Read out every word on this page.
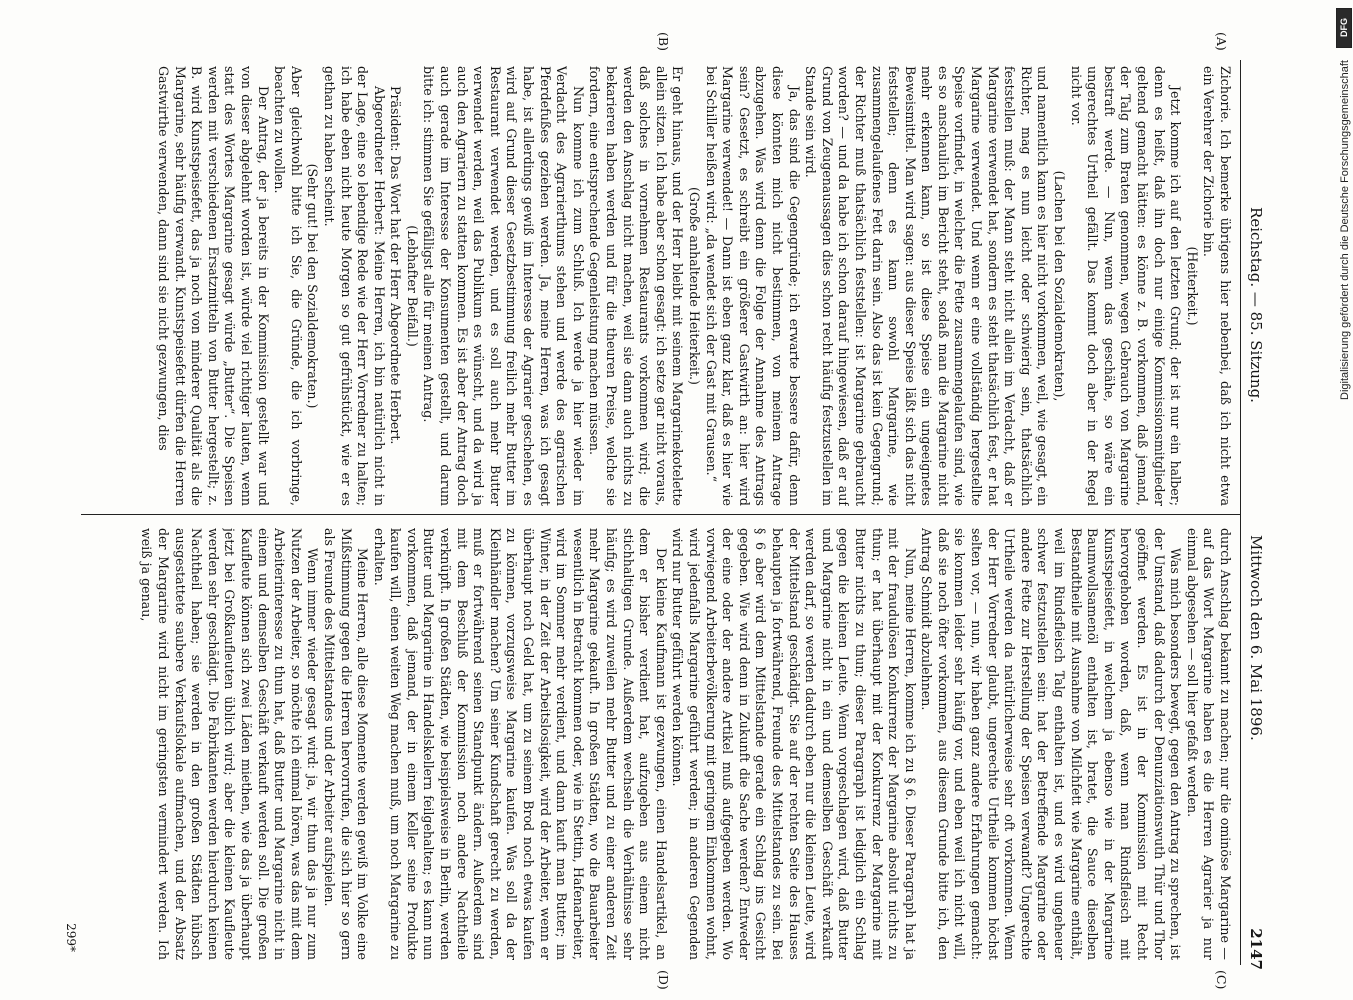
Reichstag. — 85. Sitzung.
Mittwoch den 6. Mai 1896.
2147
(A)
(B)
(C)
(D)

Zichorie. Ich bemerke übrigens hier nebenbei, daß ich nicht etwa ein Verehrer der Zichorie bin.

(Heiterkeit.)

Jetzt komme ich auf den letzten Grund; der ist nur ein halber; denn es heißt, daß ihn doch nur einige Kommissionsmitglieder geltend gemacht hätten: es könne z. B. vorkommen, daß jemand, der Talg zum Braten genommen, wegen Gebrauch von Margarine bestraft werde. — Nun, wenn das geschähe, so wäre ein ungerechtes Urtheil gefällt. Das kommt doch aber in der Regel nicht vor.

(Lachen bei den Sozialdemokraten),

und namentlich kann es hier nicht vorkommen, weil, wie gesagt, ein Richter, mag es nun leicht oder schwierig sein, thatsächlich feststellen muß: der Mann steht nicht allein im Verdacht, daß er Margarine verwendet hat, sondern es steht thatsächlich fest, er hat Margarine verwendet. Und wenn er eine vollständig hergestellte Speise vorfindet, in welcher die Fette zusammengelaufen sind, wie es so anschaulich im Bericht steht, sodaß man die Margarine nicht mehr erkennen kann, so ist diese Speise ein ungeeignetes Beweismittel. Man wird sagen: aus dieser Speise läßt sich das nicht feststellen; denn es kann sowohl Margarine, wie zusammengelaufenes Fett darin sein. Also das ist kein Gegengrund; der Richter muß thatsächlich feststellen: ist Margarine gebraucht worden? — und da habe ich schon darauf hingewiesen, daß er auf Grund von Zeugenaussagen dies schon recht häufig festzustellen im Stande sein wird.

Ja, das sind die Gegengründe; ich erwarte bessere dafür, denn diese könnten mich nicht bestimmen, von meinem Antrage abzugehen. Was wird denn die Folge der Annahme des Antrags sein? Gesetzt, es schreibt ein größerer Gastwirth an: hier wird Margarine verwendet! — Dann ist eben ganz klar, daß es hier wie bei Schiller heißen wird: „da wendet sich der Gast mit Grausen.“

(Große anhaltende Heiterkeit.)

Er geht hinaus, und der Herr bleibt mit seinem Margarinekotelette allein sitzen. Ich habe aber schon gesagt: ich setze gar nicht voraus, daß solches in vornehmen Restaurants vorkommen wird; die werden den Anschlag nicht machen, weil sie dann auch nichts zu bekarieren haben werden und für die theuren Preise, welche sie fordern, eine entsprechende Gegenleistung machen müssen.

Nun komme ich zum Schluß. Ich werde ja hier wieder im Verdacht des Agrarierthums stehen und werde des agrarischen Pferdefußes geziehen werden. Ja, meine Herren, was ich gesagt habe, ist allerdings gewiß im Interesse der Agrarier geschehen, es wird auf Grund dieser Gesetzbestimmung freilich mehr Butter im Restaurant verwendet werden, und es soll auch mehr Butter verwendet werden, weil das Publikum es wünscht, und da wird ja auch den Agrariern zu statten kommen. Es ist aber der Antrag doch auch gerade im Interesse der Konsumenten gestellt, und darum bitte ich: stimmen Sie gefälligst alle für meinen Antrag.

(Lebhafter Beifall.)

Präsident: Das Wort hat der Herr Abgeordnete Herbert.

Abgeordneter Herbert: Meine Herren, ich bin natürlich nicht in der Lage, eine so lebendige Rede wie der Herr Vorredner zu halten; ich habe eben nicht heute Morgen so gut gefrühstückt, wie er es gethan zu haben scheint.

(Sehr gut! bei den Sozialdemokraten.)

Aber gleichwohl bitte ich Sie, die Gründe, die ich vorbringe, beachten zu wollen.

Der Antrag, der ja bereits in der Kommission gestellt war und von dieser abgelehnt worden ist, würde viel richtiger lauten, wenn statt des Wortes Margarine gesagt würde „Butter“. Die Speisen werden mit verschiedenen Ersatzmitteln von Butter hergestellt; z. B. wird Kunstspeisefett, das ja noch von minderer Qualität als die Margarine, sehr häufig verwandt. Kunstspeisefett dürfen die Herren Gastwirthe verwenden, dann sind sie nicht gezwungen, dies

durch Anschlag bekannt zu machen; nur die ominöse Margarine — auf das Wort Margarine haben es die Herren Agrarier ja nur einmal abgesehen — soll hier gefaßt werden.

Was mich besonders bewegt, gegen den Antrag zu sprechen, ist der Umstand, daß dadurch der Denunziationswuth Thür und Thor geöffnet werden. Es ist in der Kommission mit Recht hervorgehoben worden, daß, wenn man Rindsfleisch mit Kunstspeisefett, in welchem ja ebenso wie in der Margarine Baumwollsamenöl enthalten ist, bratet, die Sauce dieselben Bestandtheile mit Ausnahme von Milchfett wie Margarine enthält, weil im Rindsfleisch Talg enthalten ist, und es wird ungeheuer schwer festzustellen sein: hat der Betreffende Margarine oder andere Fette zur Herstellung der Speisen verwandt? Ungerechte Urtheile werden da natürlicherweise sehr oft vorkommen. Wenn der Herr Vorredner glaubt, ungerechte Urtheile kommen höchst selten vor, — nun, wir haben ganz andere Erfahrungen gemacht: sie kommen leider sehr häufig vor, und eben weil ich nicht will, daß sie noch öfter vorkommen, aus diesem Grunde bitte ich, den Antrag Schmidt abzulehnen.

Nun, meine Herren, komme ich zu § 6. Dieser Paragraph hat ja mit der fraudulösen Konkurrenz der Margarine absolut nichts zu thun; er hat überhaupt mit der Konkurrenz der Margarine mit Butter nichts zu thun; dieser Paragraph ist lediglich ein Schlag gegen die kleinen Leute. Wenn vorgeschlagen wird, daß Butter und Margarine nicht in ein und demselben Geschäft verkauft werden darf, so werden dadurch eben nur die kleinen Leute, wird der Mittelstand geschädigt. Sie auf der rechten Seite des Hauses behaupten ja fortwährend, Freunde des Mittelstandes zu sein. Bei § 6 aber wird dem Mittelstande gerade ein Schlag ins Gesicht gegeben. Wie wird denn in Zukunft die Sache werden? Entweder der eine oder der andere Artikel muß aufgegeben werden. Wo vorwiegend Arbeiterbevölkerung mit geringem Einkommen wohnt, wird jedenfalls Margarine geführt werden; in anderen Gegenden wird nur Butter geführt werden können.

Der kleine Kaufmann ist gezwungen, einen Handelsartikel, an dem er bisher verdient hat, aufzugeben aus einem nicht stichhaltigen Grunde. Außerdem wechseln die Verhältnisse sehr häufig; es wird zuweilen mehr Butter und zu einer anderen Zeit mehr Margarine gekauft. In großen Städten, wo die Bauarbeiter wesentlich in Betracht kommen oder, wie in Stettin, Hafenarbeiter, wird im Sommer mehr verdient, und dann kauft man Butter; im Winter, in der Zeit der Arbeitslosigkeit, wird der Arbeiter, wenn er überhaupt noch Geld hat, um zu seinem Brod noch etwas kaufen zu können, vorzugsweise Margarine kaufen. Was soll da der Kleinhändler machen? Um seiner Kundschaft gerecht zu werden, muß er fortwährend seinen Standpunkt ändern. Außerdem sind mit dem Beschluß der Kommission noch andere Nachtheile verknüpft. In großen Städten, wie beispielsweise in Berlin, werden Butter und Margarine in Handelskellern feilgehalten; es kann nun vorkommen, daß jemand, der in einem Keller seine Produkte kaufen will, einen weiten Weg machen muß, um noch Margarine zu erhalten.

Meine Herren, alle diese Momente werden gewiß im Volke eine Mißstimmung gegen die Herren hervorrufen, die sich hier so gern als Freunde des Mittelstandes und der Arbeiter aufspielen.

Wenn immer wieder gesagt wird: ja, wir thun das ja nur zum Nutzen der Arbeiter, so möchte ich einmal hören, was das mit dem Arbeiterinteresse zu thun hat, daß Butter und Margarine nicht in einem und demselben Geschäft verkauft werden soll. Die großen Kaufleute können sich zwei Läden miethen, wie das ja überhaupt jetzt bei Großkaufleuten üblich wird; aber die kleinen Kaufleute werden sehr geschädigt. Die Fabrikanten werden hierdurch keinen Nachtheil haben; sie werden in den großen Städten hübsch ausgestattete saubere Verkaufslokale aufmachen, und der Absatz der Margarine wird nicht im geringsten vermindert werden. Ich weiß ja genau,

299*
DFG
Digitalisierung gefördert durch die Deutsche Forschungsgemeinschaft
